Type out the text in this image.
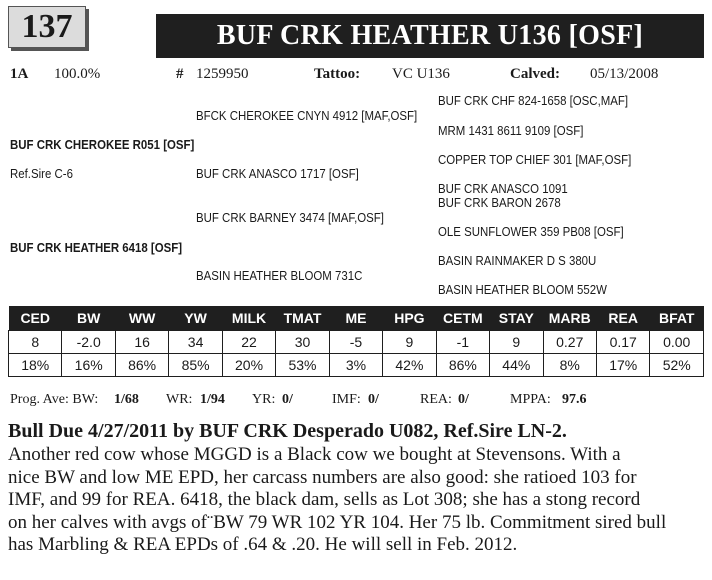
137	BUF CRK HEATHER U136 [OSF]
1A 100.0%	# 1259950	Tattoo: VC U136	Calved: 05/13/2008
BFCK CHEROKEE CNYN 4912 [MAF,OSF]
BUF CRK CHEROKEE R051 [OSF]
Ref.Sire C-6	BUF CRK ANASCO 1717 [OSF]
BUF CRK BARNEY 3474 [MAF,OSF]
BUF CRK HEATHER 6418 [OSF]
BASIN HEATHER BLOOM 731C
BUF CRK CHF 824-1658 [OSC,MAF]
MRM 1431 8611 9109 [OSF]
COPPER TOP CHIEF 301 [MAF,OSF]
BUF CRK ANASCO 1091
BUF CRK BARON 2678
OLE SUNFLOWER 359 PB08 [OSF]
BASIN RAINMAKER D S 380U
BASIN HEATHER BLOOM 552W
CED	BW	WW	YW	MILK	TMAT	ME	HPG	CETM	STAY	MARB	REA	BFAT
8	-2.0	16	34	22	30	-5	9	-1	9	0.27	0.17	0.00
18%	16%	86%	85%	20%	53%	3%	42%	86%	44%	8%	17%	52%
Prog. Ave: BW: 1/68 WR: 1/94 YR: 0/	IMF: 0/	REA: 0/	MPPA: 97.6
Bull Due 4/27/2011 by BUF CRK Desperado U082, Ref.Sire LN-2.
Another red cow whose MGGD is a Black cow we bought at Stevensons. With a
nice BW and low ME EPD, her carcass numbers are also good: she ratioed 103 for
IMF, and 99 for REA. 6418, the black dam, sells as Lot 308; she has a stong record
on her calves with avgs of¨BW 79 WR 102 YR 104. Her 75 lb. Commitment sired bull
has Marbling & REA EPDs of .64 & .20. He will sell in Feb. 2012.
